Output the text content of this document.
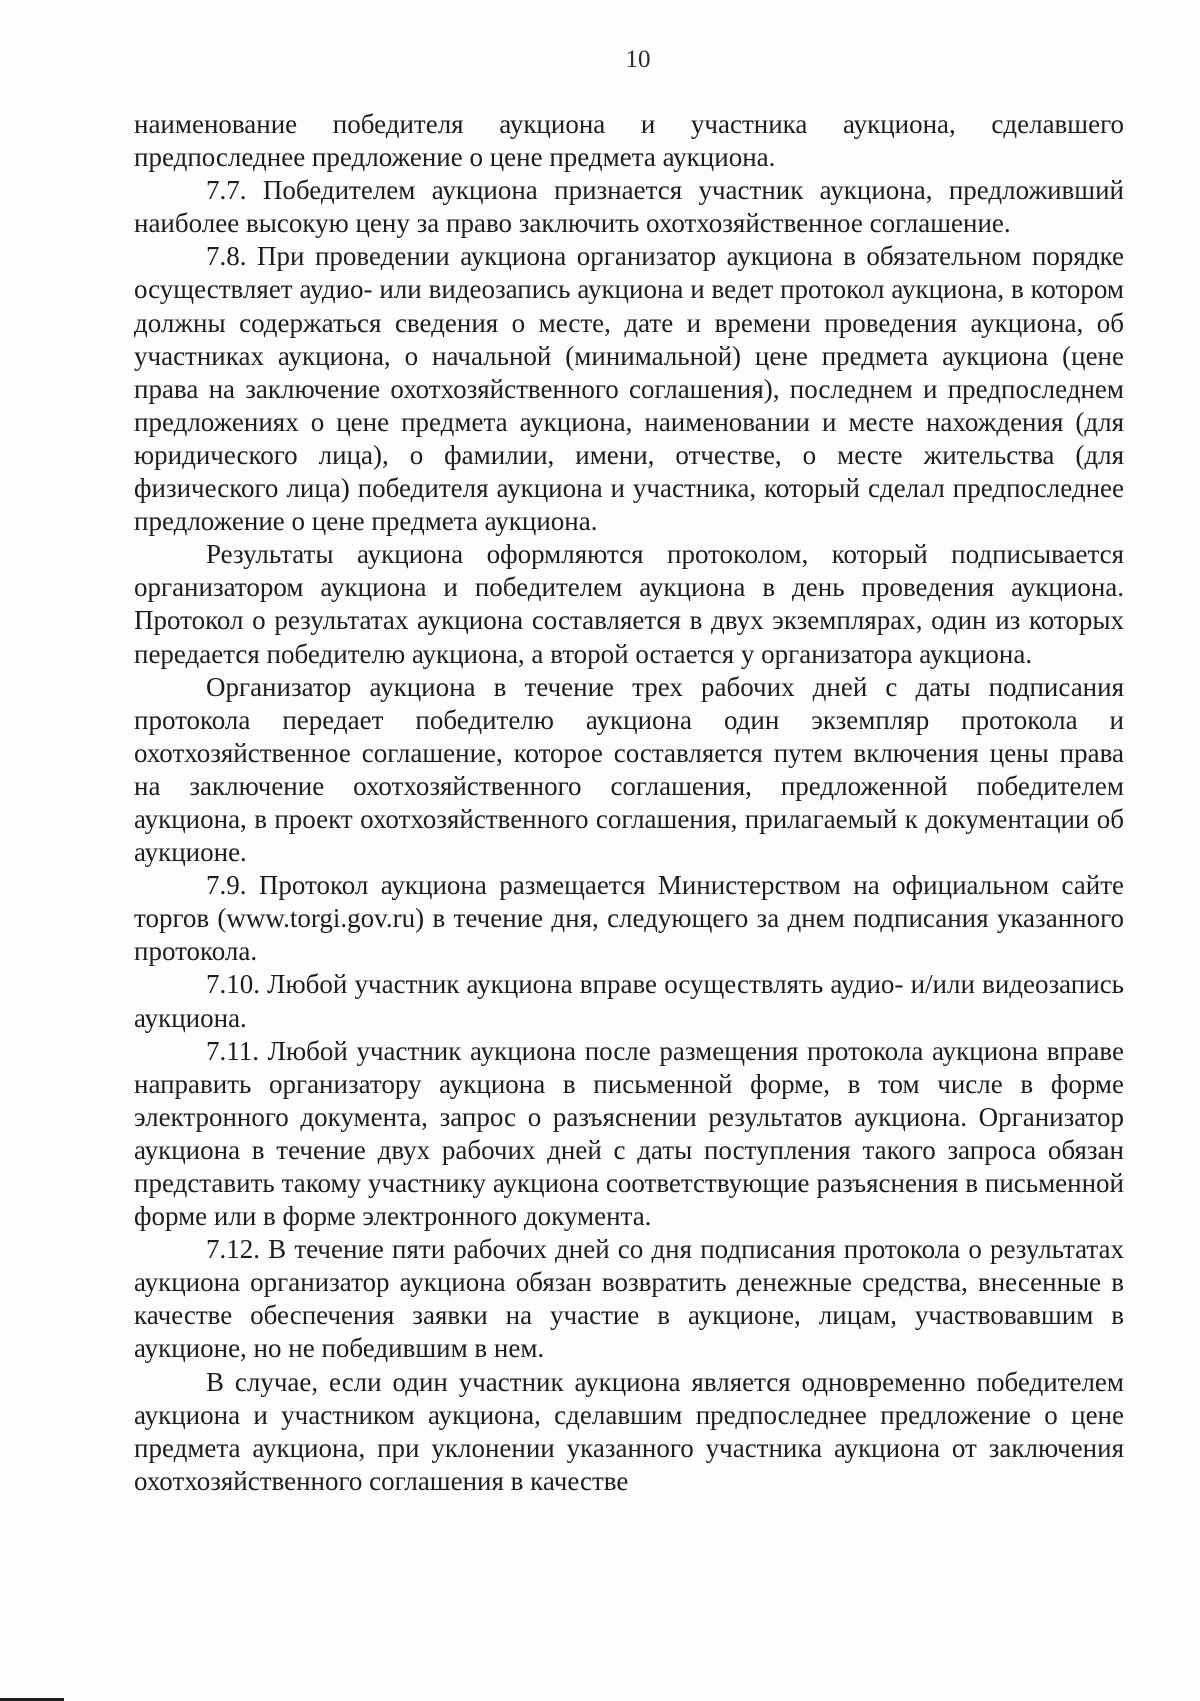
10

наименование победителя аукциона и участника аукциона, сделавшего предпоследнее предложение о цене предмета аукциона.

7.7. Победителем аукциона признается участник аукциона, предложивший наиболее высокую цену за право заключить охотхозяйственное соглашение.

7.8. При проведении аукциона организатор аукциона в обязательном порядке осуществляет аудио- или видеозапись аукциона и ведет протокол аукциона, в котором должны содержаться сведения о месте, дате и времени проведения аукциона, об участниках аукциона, о начальной (минимальной) цене предмета аукциона (цене права на заключение охотхозяйственного соглашения), последнем и предпоследнем предложениях о цене предмета аукциона, наименовании и месте нахождения (для юридического лица), о фамилии, имени, отчестве, о месте жительства (для физического лица) победителя аукциона и участника, который сделал предпоследнее предложение о цене предмета аукциона.

Результаты аукциона оформляются протоколом, который подписывается организатором аукциона и победителем аукциона в день проведения аукциона. Протокол о результатах аукциона составляется в двух экземплярах, один из которых передается победителю аукциона, а второй остается у организатора аукциона.

Организатор аукциона в течение трех рабочих дней с даты подписания протокола передает победителю аукциона один экземпляр протокола и охотхозяйственное соглашение, которое составляется путем включения цены права на заключение охотхозяйственного соглашения, предложенной победителем аукциона, в проект охотхозяйственного соглашения, прилагаемый к документации об аукционе.

7.9. Протокол аукциона размещается Министерством на официальном сайте торгов (www.torgi.gov.ru) в течение дня, следующего за днем подписания указанного протокола.

7.10. Любой участник аукциона вправе осуществлять аудио- и/или видеозапись аукциона.

7.11. Любой участник аукциона после размещения протокола аукциона вправе направить организатору аукциона в письменной форме, в том числе в форме электронного документа, запрос о разъяснении результатов аукциона. Организатор аукциона в течение двух рабочих дней с даты поступления такого запроса обязан представить такому участнику аукциона соответствующие разъяснения в письменной форме или в форме электронного документа.

7.12. В течение пяти рабочих дней со дня подписания протокола о результатах аукциона организатор аукциона обязан возвратить денежные средства, внесенные в качестве обеспечения заявки на участие в аукционе, лицам, участвовавшим в аукционе, но не победившим в нем.

В случае, если один участник аукциона является одновременно победителем аукциона и участником аукциона, сделавшим предпоследнее предложение о цене предмета аукциона, при уклонении указанного участника аукциона от заключения охотхозяйственного соглашения в качестве
